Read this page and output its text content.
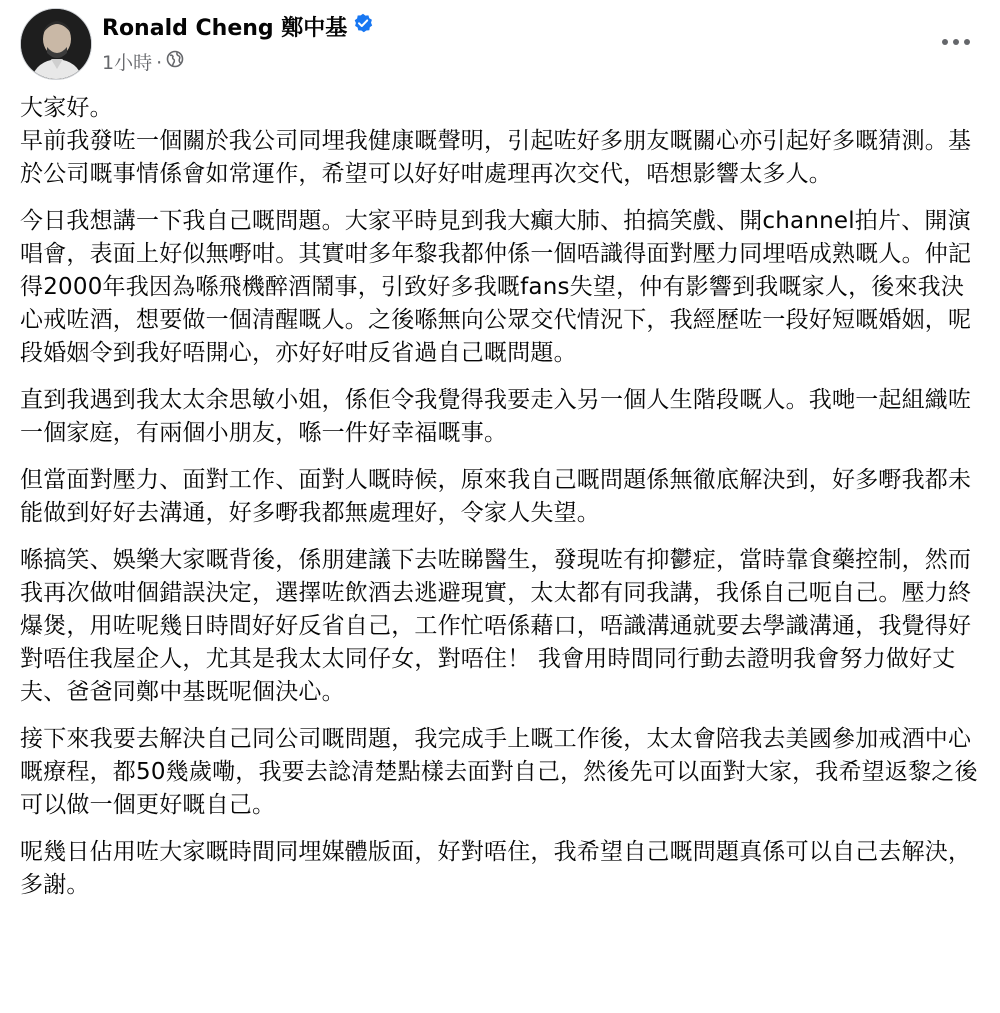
Ronald Cheng 鄭中基
1小時 ·

大家好。
早前我發咗一個關於我公司同埋我健康嘅聲明，引起咗好多朋友嘅關心亦引起好多嘅猜測。基於公司嘅事情係會如常運作，希望可以好好咁處理再次交代，唔想影響太多人。

今日我想講一下我自己嘅問題。大家平時見到我大癲大肺、拍搞笑戲、開channel拍片、開演唱會，表面上好似無嘢咁。其實咁多年黎我都仲係一個唔識得面對壓力同埋唔成熟嘅人。仲記得2000年我因為喺飛機醉酒鬧事，引致好多我嘅fans失望，仲有影響到我嘅家人，後來我決心戒咗酒，想要做一個清醒嘅人。之後喺無向公眾交代情況下，我經歷咗一段好短嘅婚姻，呢段婚姻令到我好唔開心，亦好好咁反省過自己嘅問題。

直到我遇到我太太余思敏小姐，係佢令我覺得我要走入另一個人生階段嘅人。我哋一起組織咗一個家庭，有兩個小朋友，喺一件好幸福嘅事。

但當面對壓力、面對工作、面對人嘅時候，原來我自己嘅問題係無徹底解決到，好多嘢我都未能做到好好去溝通，好多嘢我都無處理好，令家人失望。

喺搞笑、娛樂大家嘅背後，係朋建議下去咗睇醫生，發現咗有抑鬱症，當時靠食藥控制，然而我再次做咁個錯誤決定，選擇咗飲酒去逃避現實，太太都有同我講，我係自己呃自己。壓力終爆煲，用咗呢幾日時間好好反省自己，工作忙唔係藉口，唔識溝通就要去學識溝通，我覺得好對唔住我屋企人，尤其是我太太同仔女，對唔住！ 我會用時間同行動去證明我會努力做好丈夫、爸爸同鄭中基既呢個決心。

接下來我要去解決自己同公司嘅問題，我完成手上嘅工作後，太太會陪我去美國參加戒酒中心嘅療程，都50幾歲嘞，我要去諗清楚點樣去面對自己，然後先可以面對大家，我希望返黎之後可以做一個更好嘅自己。

呢幾日佔用咗大家嘅時間同埋媒體版面，好對唔住，我希望自己嘅問題真係可以自己去解決，多謝。
